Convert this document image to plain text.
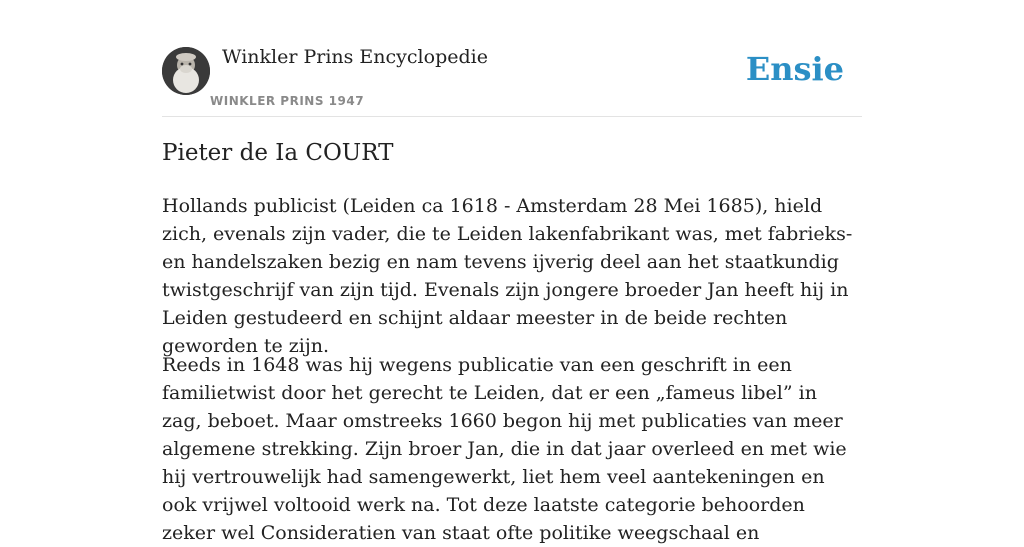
Winkler Prins Encyclopedie
WINKLER PRINS 1947
Ensie
Pieter de Ia COURT

Hollands publicist (Leiden ca 1618 - Amsterdam 28 Mei 1685), hield zich, evenals zijn vader, die te Leiden lakenfabrikant was, met fabrieks- en handelszaken bezig en nam tevens ijverig deel aan het staatkundig twistgeschrijf van zijn tijd. Evenals zijn jongere broeder Jan heeft hij in Leiden gestudeerd en schijnt aldaar meester in de beide rechten geworden te zijn.

Reeds in 1648 was hij wegens publicatie van een geschrift in een familietwist door het gerecht te Leiden, dat er een „fameus libel” in zag, beboet. Maar omstreeks 1660 begon hij met publicaties van meer algemene strekking. Zijn broer Jan, die in dat jaar overleed en met wie hij vertrouwelijk had samengewerkt, liet hem veel aantekeningen en ook vrijwel voltooid werk na. Tot deze laatste categorie behoorden zeker wel Consideratien van staat ofte politike weegschaal en
